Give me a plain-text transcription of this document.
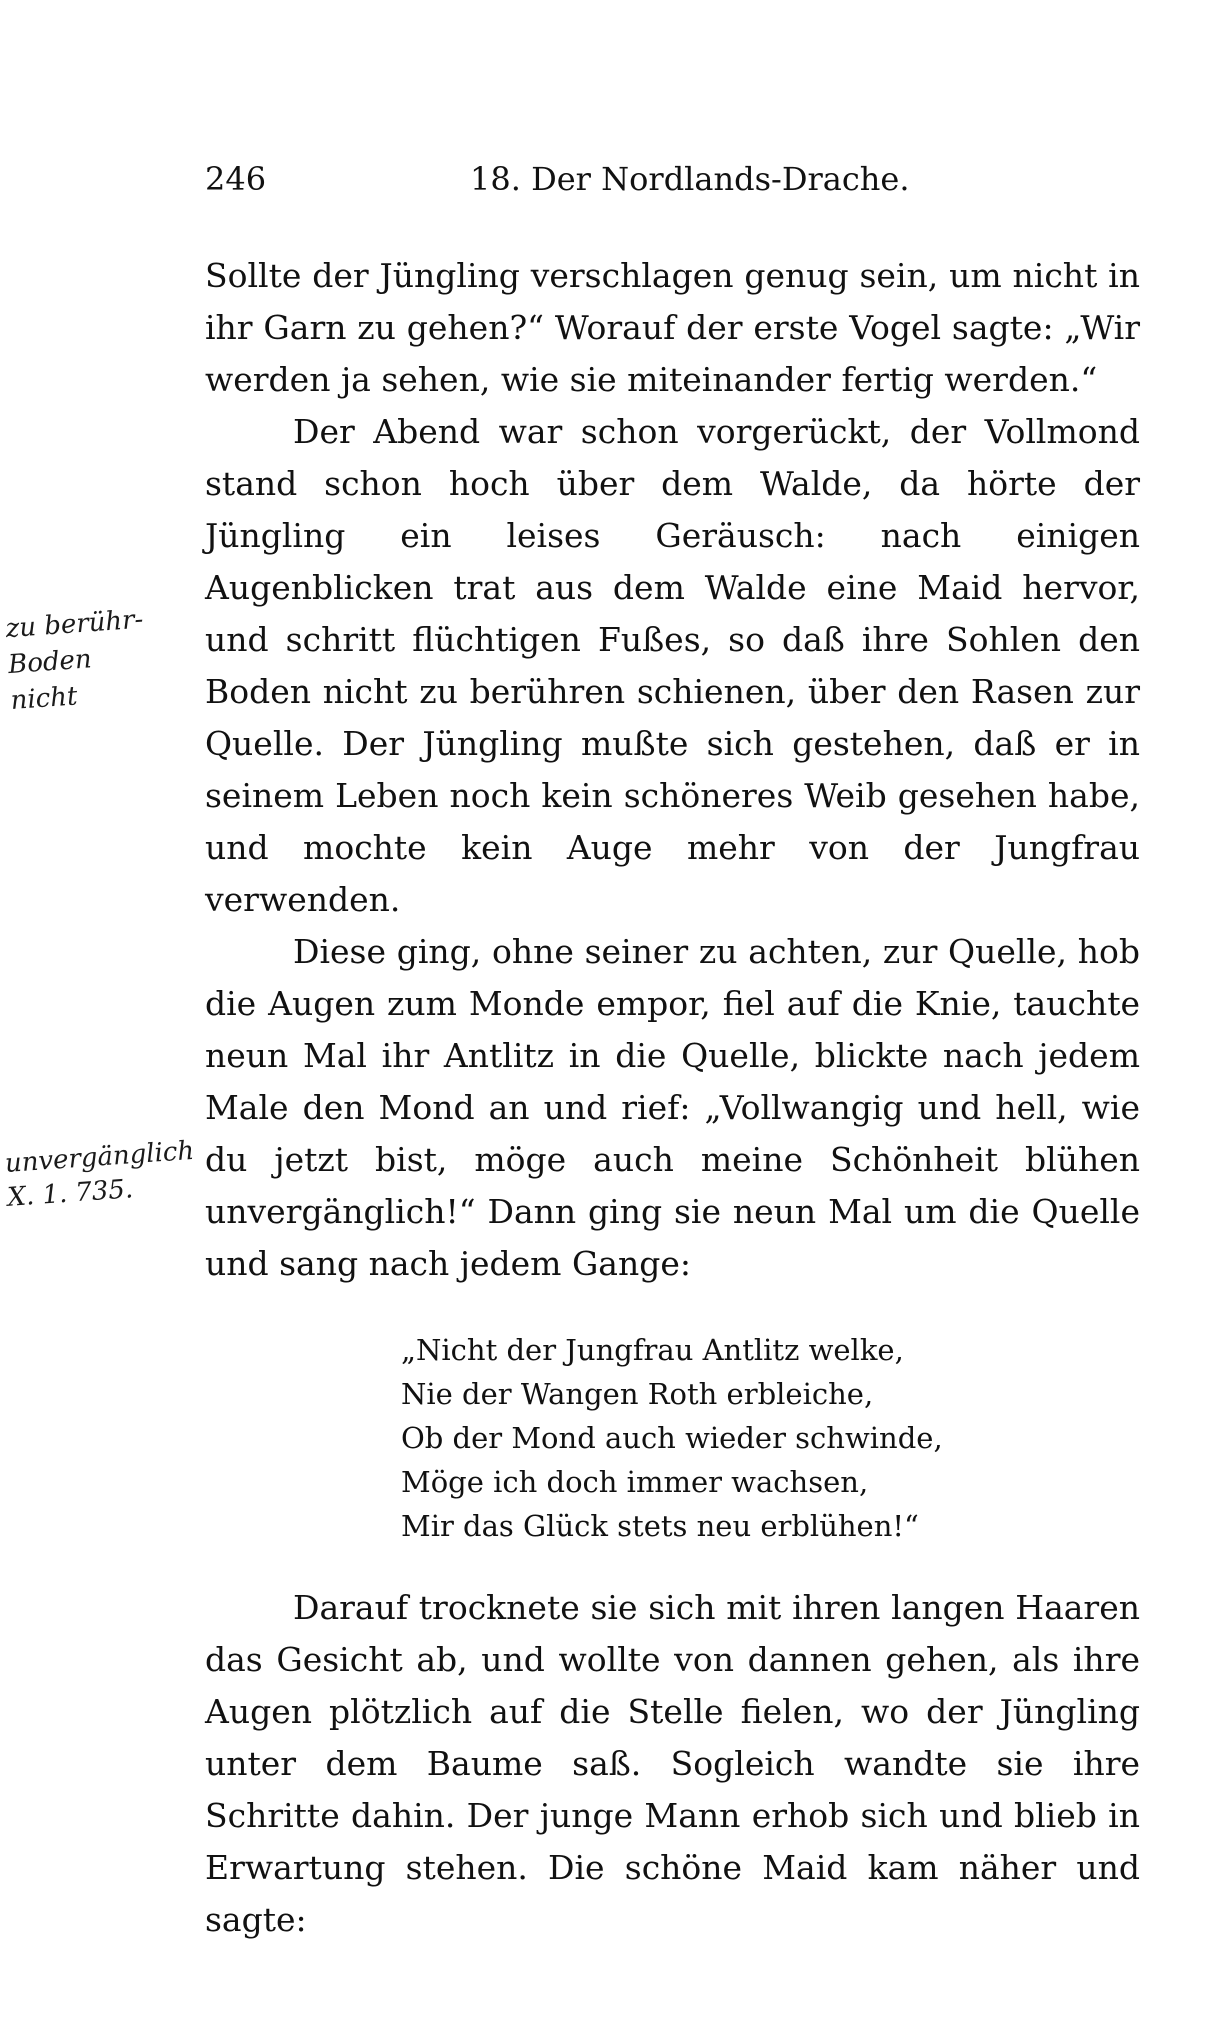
246	18. Der Nordlands-Drache.

Sollte der Jüngling verschlagen genug sein, um nicht in ihr Garn zu gehen?“ Worauf der erste Vogel sagte: „Wir werden ja sehen, wie sie miteinander fertig werden.“

Der Abend war schon vorgerückt, der Vollmond stand schon hoch über dem Walde, da hörte der Jüngling ein leises Geräusch: nach einigen Augenblicken trat aus dem Walde eine Maid hervor, und schritt flüchtigen Fußes, so daß ihre Sohlen den Boden nicht zu berühren schienen, über den Rasen zur Quelle. Der Jüngling mußte sich gestehen, daß er in seinem Leben noch kein schöneres Weib gesehen habe, und mochte kein Auge mehr von der Jungfrau verwenden.

Diese ging, ohne seiner zu achten, zur Quelle, hob die Augen zum Monde empor, fiel auf die Knie, tauchte neun Mal ihr Antlitz in die Quelle, blickte nach jedem Male den Mond an und rief: „Vollwangig und hell, wie du jetzt bist, möge auch meine Schönheit blühen unvergänglich!“ Dann ging sie neun Mal um die Quelle und sang nach jedem Gange:

„Nicht der Jungfrau Antlitz welke,
Nie der Wangen Roth erbleiche,
Ob der Mond auch wieder schwinde,
Möge ich doch immer wachsen,
Mir das Glück stets neu erblühen!“

Darauf trocknete sie sich mit ihren langen Haaren das Gesicht ab, und wollte von dannen gehen, als ihre Augen plötzlich auf die Stelle fielen, wo der Jüngling unter dem Baume saß. Sogleich wandte sie ihre Schritte dahin. Der junge Mann erhob sich und blieb in Erwartung stehen. Die schöne Maid kam näher und sagte:

zu berühr-
Boden
nicht
unvergänglich
X. 1. 735.
